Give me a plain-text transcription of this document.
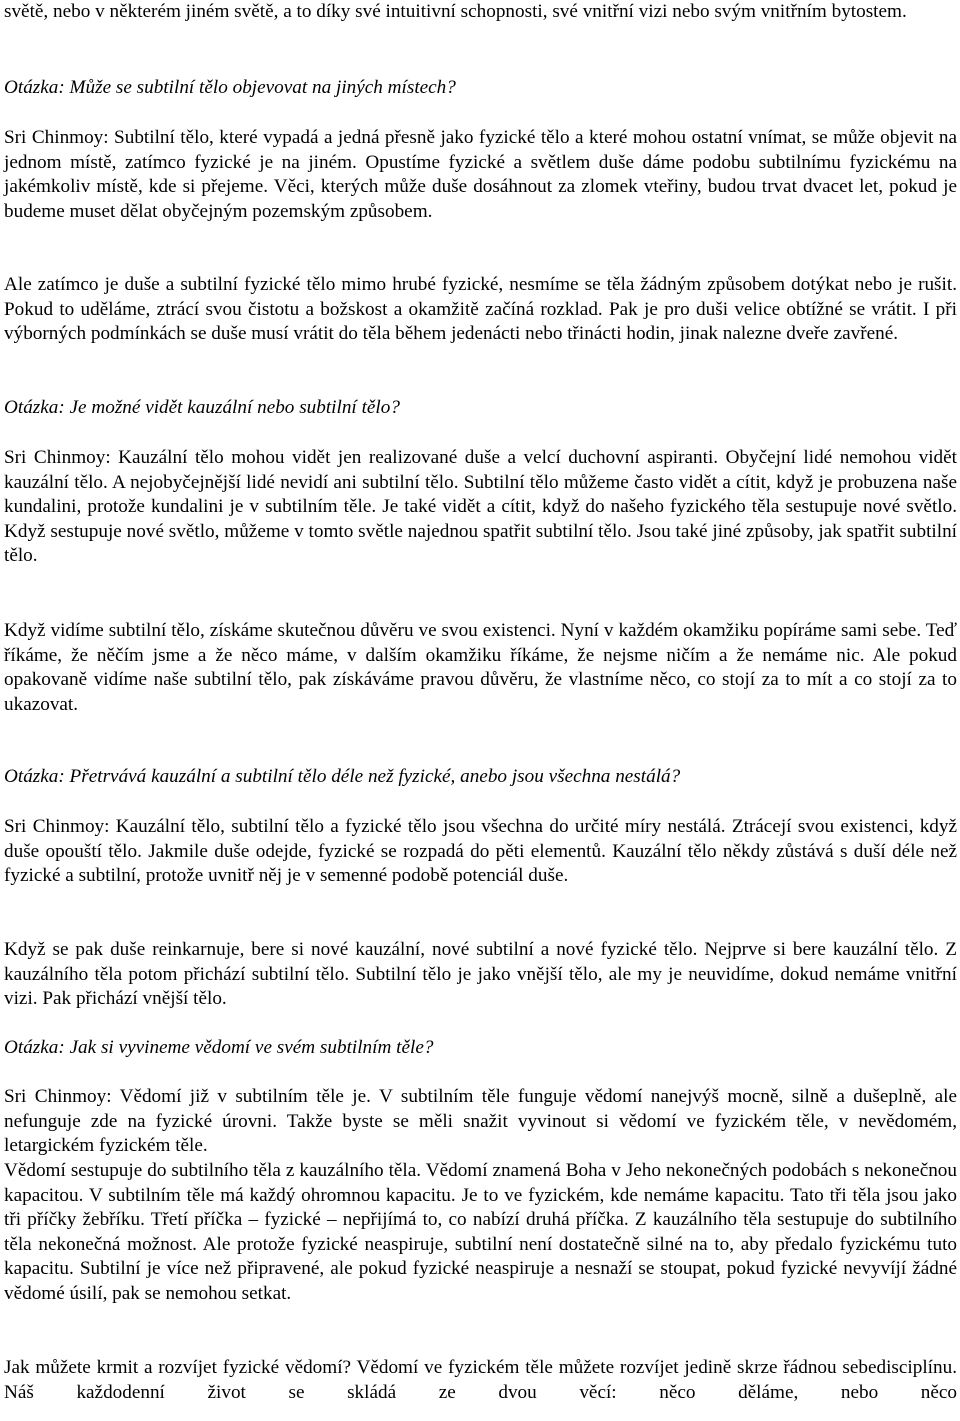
světě, nebo v některém jiném světě, a to díky své intuitivní schopnosti, své vnitřní vizi nebo svým vnitřním bytostem.

Otázka: Může se subtilní tělo objevovat na jiných místech?

Sri Chinmoy: Subtilní tělo, které vypadá a jedná přesně jako fyzické tělo a které mohou ostatní vnímat, se může objevit na jednom místě, zatímco fyzické je na jiném. Opustíme fyzické a světlem duše dáme podobu subtilnímu fyzickému na jakémkoliv místě, kde si přejeme. Věci, kterých může duše dosáhnout za zlomek vteřiny, budou trvat dvacet let, pokud je budeme muset dělat obyčejným pozemským způsobem.

Ale zatímco je duše a subtilní fyzické tělo mimo hrubé fyzické, nesmíme se těla žádným způsobem dotýkat nebo je rušit. Pokud to uděláme, ztrácí svou čistotu a božskost a okamžitě začíná rozklad. Pak je pro duši velice obtížné se vrátit. I při výborných podmínkách se duše musí vrátit do těla během jedenácti nebo třinácti hodin, jinak nalezne dveře zavřené.

Otázka: Je možné vidět kauzální nebo subtilní tělo?

Sri Chinmoy: Kauzální tělo mohou vidět jen realizované duše a velcí duchovní aspiranti. Obyčejní lidé nemohou vidět kauzální tělo. A nejobyčejnější lidé nevidí ani subtilní tělo. Subtilní tělo můžeme často vidět a cítit, když je probuzena naše kundalini, protože kundalini je v subtilním těle. Je také vidět a cítit, když do našeho fyzického těla sestupuje nové světlo. Když sestupuje nové světlo, můžeme v tomto světle najednou spatřit subtilní tělo. Jsou také jiné způsoby, jak spatřit subtilní tělo.

Když vidíme subtilní tělo, získáme skutečnou důvěru ve svou existenci. Nyní v každém okamžiku popíráme sami sebe. Teď říkáme, že něčím jsme a že něco máme, v dalším okamžiku říkáme, že nejsme ničím a že nemáme nic. Ale pokud opakovaně vidíme naše subtilní tělo, pak získáváme pravou důvěru, že vlastníme něco, co stojí za to mít a co stojí za to ukazovat.

Otázka: Přetrvává kauzální a subtilní tělo déle než fyzické, anebo jsou všechna nestálá?

Sri Chinmoy: Kauzální tělo, subtilní tělo a fyzické tělo jsou všechna do určité míry nestálá. Ztrácejí svou existenci, když duše opouští tělo. Jakmile duše odejde, fyzické se rozpadá do pěti elementů. Kauzální tělo někdy zůstává s duší déle než fyzické a subtilní, protože uvnitř něj je v semenné podobě potenciál duše.

Když se pak duše reinkarnuje, bere si nové kauzální, nové subtilní a nové fyzické tělo. Nejprve si bere kauzální tělo. Z kauzálního těla potom přichází subtilní tělo. Subtilní tělo je jako vnější tělo, ale my je neuvidíme, dokud nemáme vnitřní vizi. Pak přichází vnější tělo.

Otázka: Jak si vyvineme vědomí ve svém subtilním těle?

Sri Chinmoy: Vědomí již v subtilním těle je. V subtilním těle funguje vědomí nanejvýš mocně, silně a dušeplně, ale nefunguje zde na fyzické úrovni. Takže byste se měli snažit vyvinout si vědomí ve fyzickém těle, v nevědomém, letargickém fyzickém těle.

Vědomí sestupuje do subtilního těla z kauzálního těla. Vědomí znamená Boha v Jeho nekonečných podobách s nekonečnou kapacitou. V subtilním těle má každý ohromnou kapacitu. Je to ve fyzickém, kde nemáme kapacitu. Tato tři těla jsou jako tři příčky žebříku. Třetí příčka – fyzické – nepřijímá to, co nabízí druhá příčka. Z kauzálního těla sestupuje do subtilního těla nekonečná možnost. Ale protože fyzické neaspiruje, subtilní není dostatečně silné na to, aby předalo fyzickému tuto kapacitu. Subtilní je více než připravené, ale pokud fyzické neaspiruje a nesnaží se stoupat, pokud fyzické nevyvíjí žádné vědomé úsilí, pak se nemohou setkat.

Jak můžete krmit a rozvíjet fyzické vědomí? Vědomí ve fyzickém těle můžete rozvíjet jedině skrze řádnou sebedisciplínu. Náš každodenní život se skládá ze dvou věcí: něco děláme, nebo něco
